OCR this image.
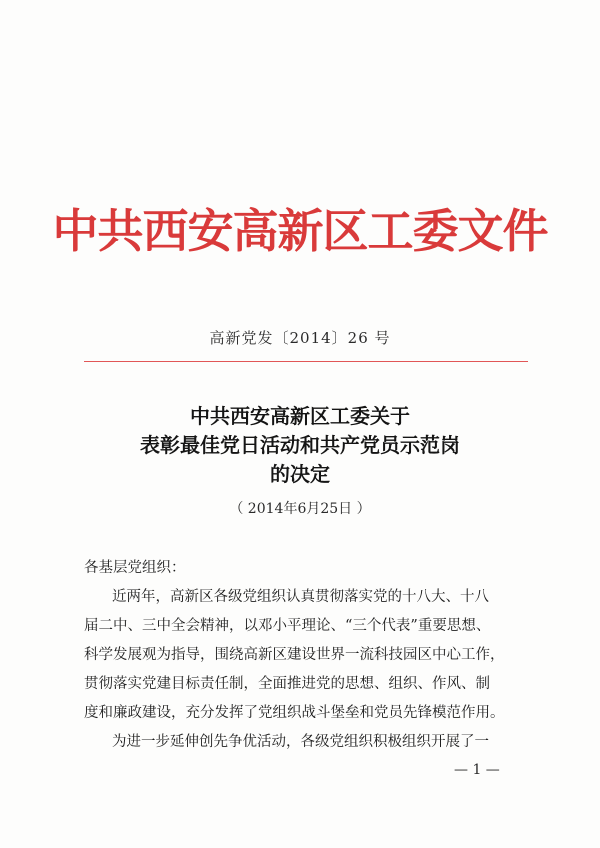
中共西安高新区工委文件
高新党发〔2014〕26 号
中共西安高新区工委关于
表彰最佳党日活动和共产党员示范岗
的决定
（ 2014年6月25日 ）
各基层党组织：
近两年，高新区各级党组织认真贯彻落实党的十八大、十八
届二中、三中全会精神，以邓小平理论、“三个代表”重要思想、
科学发展观为指导，围绕高新区建设世界一流科技园区中心工作，
贯彻落实党建目标责任制，全面推进党的思想、组织、作风、制
度和廉政建设，充分发挥了党组织战斗堡垒和党员先锋模范作用。
为进一步延伸创先争优活动，各级党组织积极组织开展了一
— 1 —
